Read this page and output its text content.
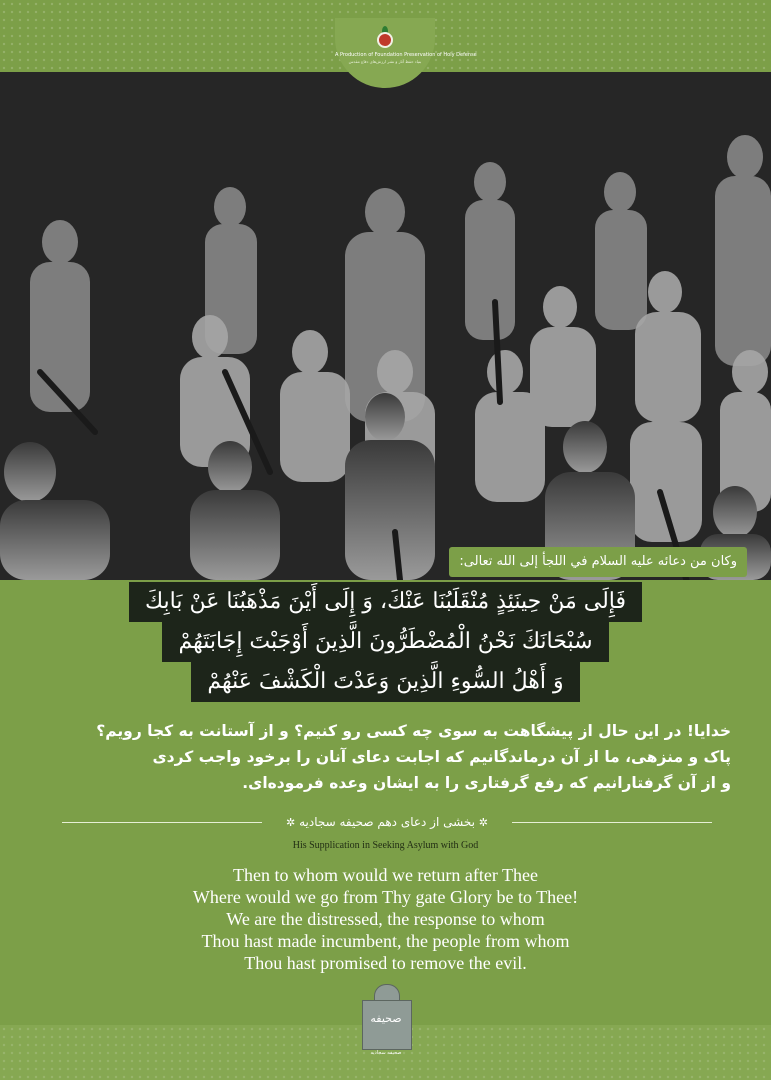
A Production of Foundation Preservation of Holy Defense
بنیاد حفظ آثار و نشر ارزش‌های دفاع مقدس
وكان من دعائه عليه السلام في اللجأ إلى الله تعالى:
فَإِلَى مَنْ حِينَئِذٍ مُنْقَلَبُنَا عَنْكَ، وَ إِلَى أَيْنَ مَذْهَبُنَا عَنْ بَابِكَ
سُبْحَانَكَ نَحْنُ الْمُضْطَرُّونَ الَّذِينَ أَوْجَبْتَ إِجَابَتَهُمْ
وَ أَهْلُ السُّوءِ الَّذِينَ وَعَدْتَ الْكَشْفَ عَنْهُمْ
خدایا! در این حال از پیشگاهت به سوی چه کسی رو کنیم؟ و از آستانت به کجا رویم؟
پاک و منزهی، ما از آن درماندگانیم که اجابت دعای آنان را برخود واجب کردی
و از آن گرفتارانیم که رفع گرفتاری را به ایشان وعده فرموده‌ای.
✲ بخشی از دعای دهم صحیفه سجادیه ✲
His Supplication in Seeking Asylum with God
Then to whom would we return after Thee
Where would we go from Thy gate Glory be to Thee!
We are the distressed, the response to whom
Thou hast made incumbent, the people from whom
Thou hast promised to remove the evil.
صحیفه
صحیفه سجادیه
